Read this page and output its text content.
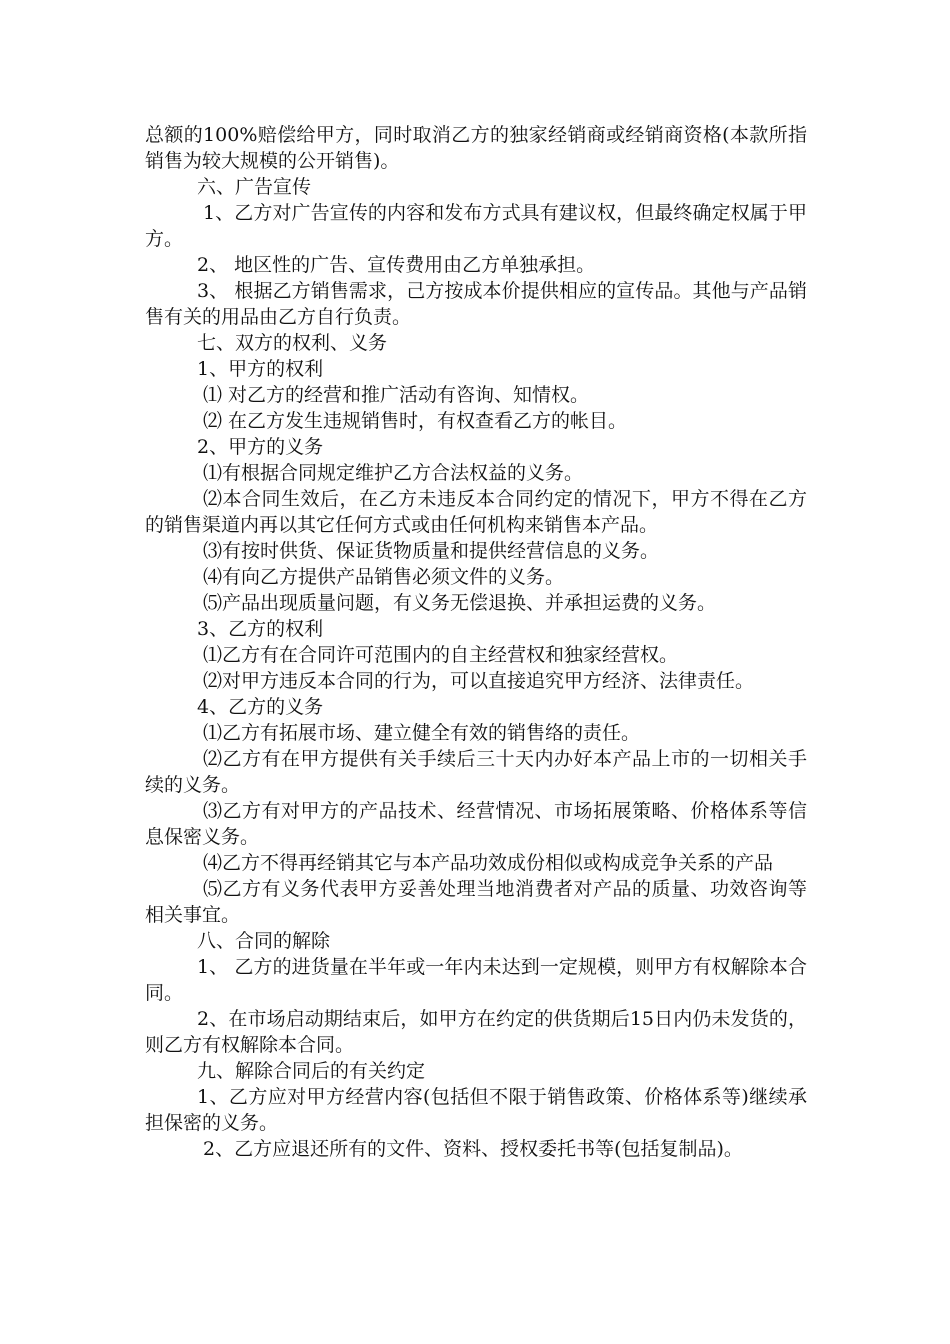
总额的100%赔偿给甲方，同时取消乙方的独家经销商或经销商资格(本款所指销售为较大规模的公开销售)。

六、广告宣传

1、乙方对广告宣传的内容和发布方式具有建议权，但最终确定权属于甲方。

2、 地区性的广告、宣传费用由乙方单独承担。

3、 根据乙方销售需求，己方按成本价提供相应的宣传品。其他与产品销售有关的用品由乙方自行负责。

七、双方的权利、义务

1、甲方的权利

⑴ 对乙方的经营和推广活动有咨询、知情权。

⑵ 在乙方发生违规销售时，有权查看乙方的帐目。

2、甲方的义务

⑴有根据合同规定维护乙方合法权益的义务。

⑵本合同生效后，在乙方未违反本合同约定的情况下，甲方不得在乙方的销售渠道内再以其它任何方式或由任何机构来销售本产品。

⑶有按时供货、保证货物质量和提供经营信息的义务。

⑷有向乙方提供产品销售必须文件的义务。

⑸产品出现质量问题，有义务无偿退换、并承担运费的义务。

3、乙方的权利

⑴乙方有在合同许可范围内的自主经营权和独家经营权。

⑵对甲方违反本合同的行为，可以直接追究甲方经济、法律责任。

4、乙方的义务

⑴乙方有拓展市场、建立健全有效的销售络的责任。

⑵乙方有在甲方提供有关手续后三十天内办好本产品上市的一切相关手续的义务。

⑶乙方有对甲方的产品技术、经营情况、市场拓展策略、价格体系等信息保密义务。

⑷乙方不得再经销其它与本产品功效成份相似或构成竞争关系的产品

⑸乙方有义务代表甲方妥善处理当地消费者对产品的质量、功效咨询等相关事宜。

八、合同的解除

1、 乙方的进货量在半年或一年内未达到一定规模，则甲方有权解除本合同。

2、在市场启动期结束后，如甲方在约定的供货期后15日内仍未发货的，则乙方有权解除本合同。

九、解除合同后的有关约定

1、乙方应对甲方经营内容(包括但不限于销售政策、价格体系等)继续承担保密的义务。

2、乙方应退还所有的文件、资料、授权委托书等(包括复制品)。
